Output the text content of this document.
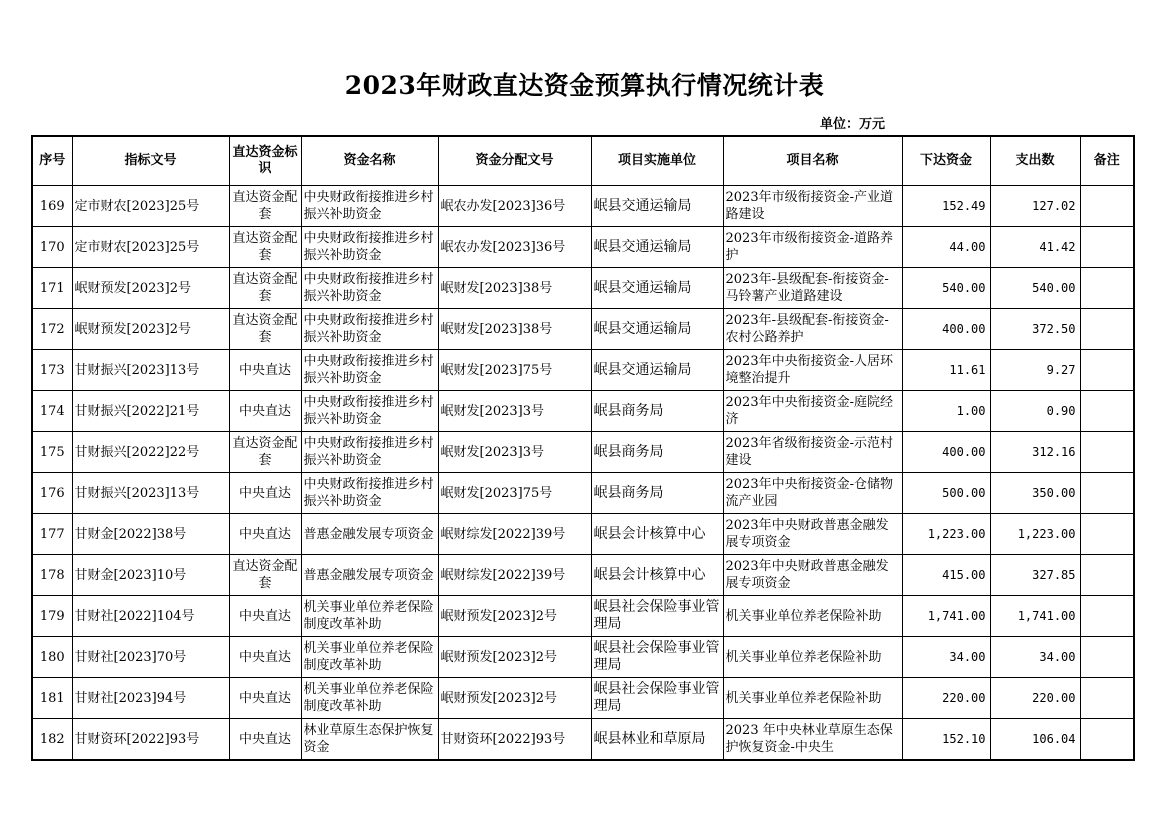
2023年财政直达资金预算执行情况统计表
单位：万元
序号	指标文号	直达资金标识	资金名称	资金分配文号	项目实施单位	项目名称	下达资金	支出数	备注
169	定市财农[2023]25号	直达资金配套	中央财政衔接推进乡村振兴补助资金	岷农办发[2023]36号	岷县交通运输局	2023年市级衔接资金-产业道路建设	152.49	127.02	
170	定市财农[2023]25号	直达资金配套	中央财政衔接推进乡村振兴补助资金	岷农办发[2023]36号	岷县交通运输局	2023年市级衔接资金-道路养护	44.00	41.42	
171	岷财预发[2023]2号	直达资金配套	中央财政衔接推进乡村振兴补助资金	岷财发[2023]38号	岷县交通运输局	2023年-县级配套-衔接资金-马铃薯产业道路建设	540.00	540.00	
172	岷财预发[2023]2号	直达资金配套	中央财政衔接推进乡村振兴补助资金	岷财发[2023]38号	岷县交通运输局	2023年-县级配套-衔接资金-农村公路养护	400.00	372.50	
173	甘财振兴[2023]13号	中央直达	中央财政衔接推进乡村振兴补助资金	岷财发[2023]75号	岷县交通运输局	2023年中央衔接资金-人居环境整治提升	11.61	9.27	
174	甘财振兴[2022]21号	中央直达	中央财政衔接推进乡村振兴补助资金	岷财发[2023]3号	岷县商务局	2023年中央衔接资金-庭院经济	1.00	0.90	
175	甘财振兴[2022]22号	直达资金配套	中央财政衔接推进乡村振兴补助资金	岷财发[2023]3号	岷县商务局	2023年省级衔接资金-示范村建设	400.00	312.16	
176	甘财振兴[2023]13号	中央直达	中央财政衔接推进乡村振兴补助资金	岷财发[2023]75号	岷县商务局	2023年中央衔接资金-仓储物流产业园	500.00	350.00	
177	甘财金[2022]38号	中央直达	普惠金融发展专项资金	岷财综发[2022]39号	岷县会计核算中心	2023年中央财政普惠金融发展专项资金	1,223.00	1,223.00	
178	甘财金[2023]10号	直达资金配套	普惠金融发展专项资金	岷财综发[2022]39号	岷县会计核算中心	2023年中央财政普惠金融发展专项资金	415.00	327.85	
179	甘财社[2022]104号	中央直达	机关事业单位养老保险制度改革补助	岷财预发[2023]2号	岷县社会保险事业管理局	机关事业单位养老保险补助	1,741.00	1,741.00	
180	甘财社[2023]70号	中央直达	机关事业单位养老保险制度改革补助	岷财预发[2023]2号	岷县社会保险事业管理局	机关事业单位养老保险补助	34.00	34.00	
181	甘财社[2023]94号	中央直达	机关事业单位养老保险制度改革补助	岷财预发[2023]2号	岷县社会保险事业管理局	机关事业单位养老保险补助	220.00	220.00	
182	甘财资环[2022]93号	中央直达	林业草原生态保护恢复资金	甘财资环[2022]93号	岷县林业和草原局	2023 年中央林业草原生态保护恢复资金-中央生	152.10	106.04	
